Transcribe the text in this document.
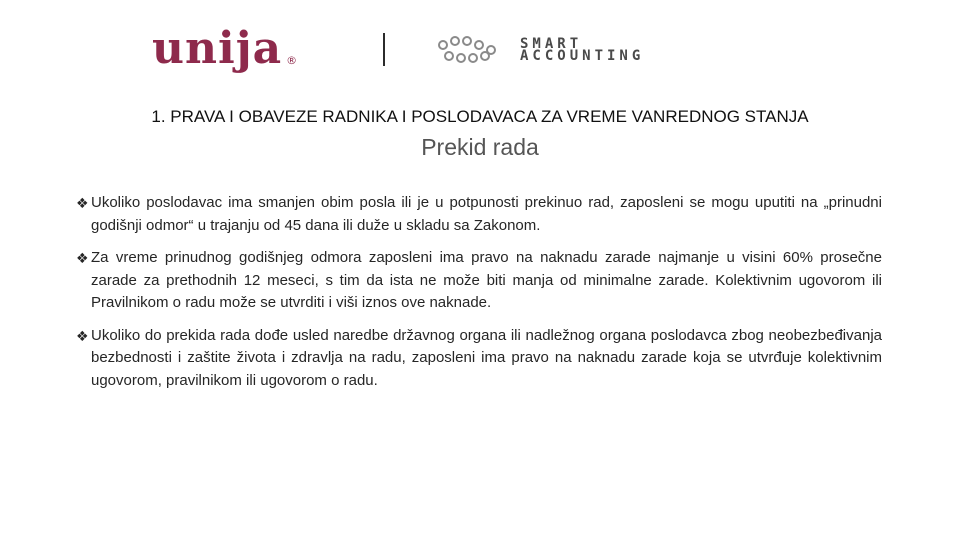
unija ®
SMART
ACCOUNTING
1. PRAVA I OBAVEZE RADNIKA I POSLODAVACA ZA VREME VANREDNOG STANJA
Prekid rada
❖ Ukoliko poslodavac ima smanjen obim posla ili je u potpunosti prekinuo rad, zaposleni se mogu uputiti na „prinudni godišnji odmor“ u trajanju od 45 dana ili duže u skladu sa Zakonom.
❖ Za vreme prinudnog godišnjeg odmora zaposleni ima pravo na naknadu zarade najmanje u visini 60% prosečne zarade za prethodnih 12 meseci, s tim da ista ne može biti manja od minimalne zarade. Kolektivnim ugovorom ili Pravilnikom o radu može se utvrditi i viši iznos ove naknade.
❖ Ukoliko do prekida rada dođe usled naredbe državnog organa ili nadležnog organa poslodavca zbog neobezbeđivanja bezbednosti i zaštite života i zdravlja na radu, zaposleni ima pravo na naknadu zarade koja se utvrđuje kolektivnim ugovorom, pravilnikom ili ugovorom o radu.
